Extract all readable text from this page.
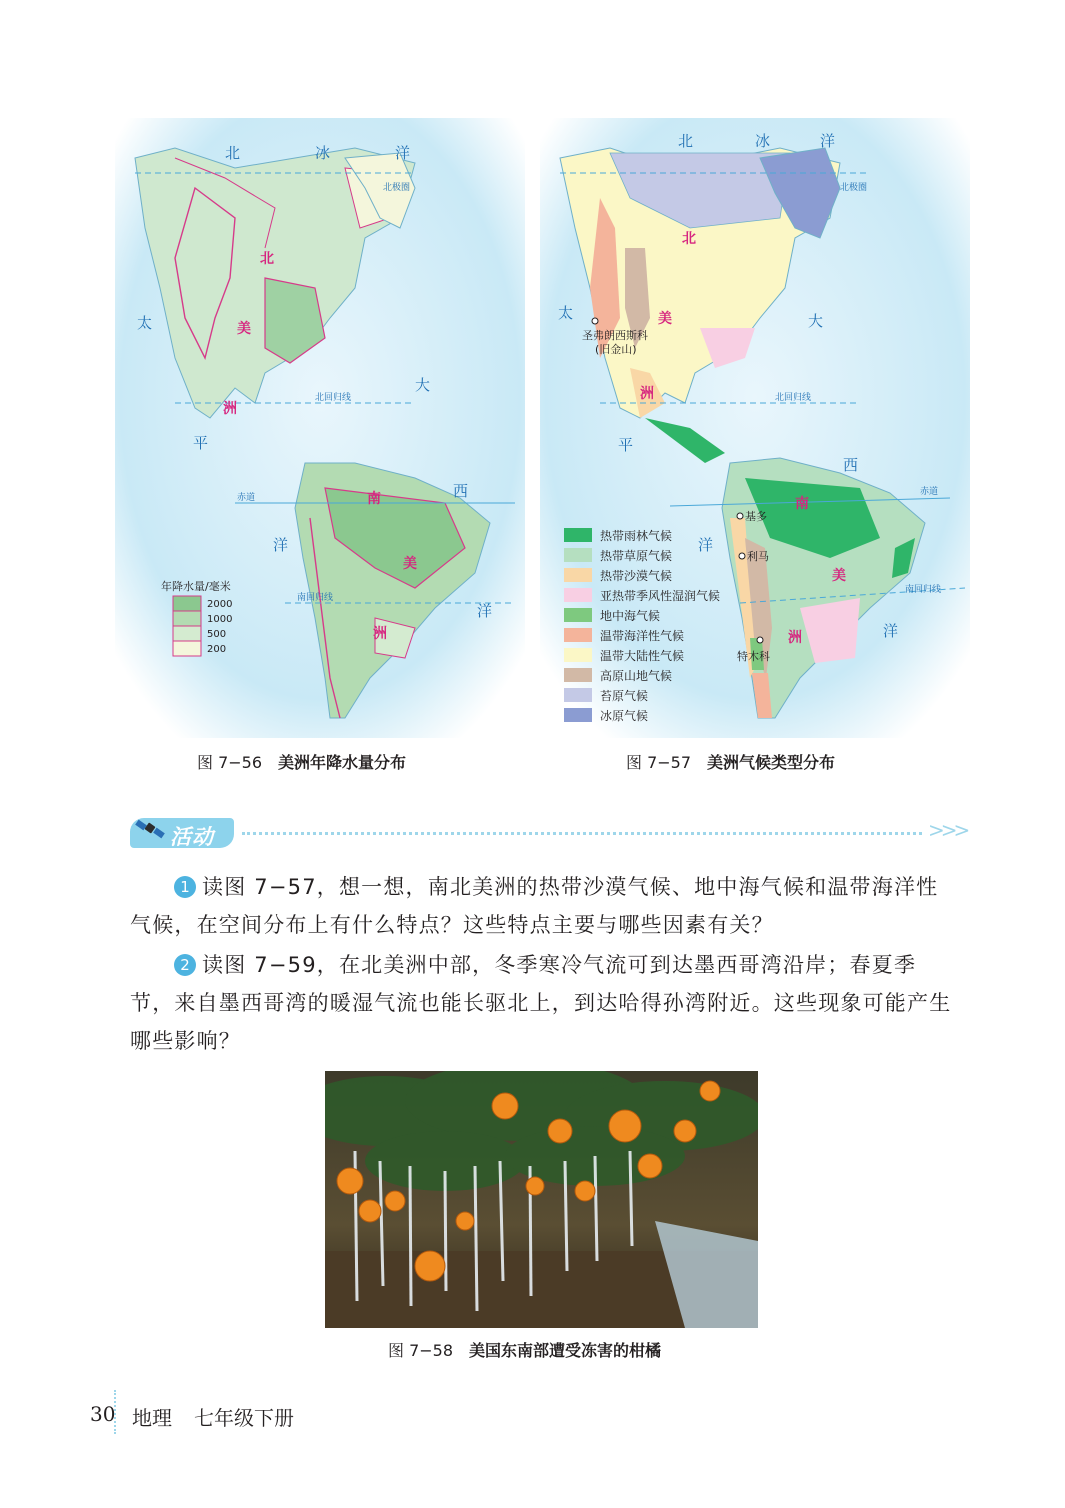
北极圈
北回归线
赤道
南回归线
北	冰	洋
太
平
洋
大
西
洋
北
美
洲
南
美
洲
年降水量/毫米
2000
1000
500
200
图 7−56 美洲年降水量分布
北极圈
北回归线
赤道
南回归线
北	冰	洋
太
平
洋
大
西
洋
北
美
洲
南
美
洲
圣弗朗西斯科
(旧金山)
基多
利马
特木科
热带雨林气候
热带草原气候
热带沙漠气候
亚热带季风性湿润气候
地中海气候
温带海洋性气候
温带大陆性气候
高原山地气候
苔原气候
冰原气候
图 7−57 美洲气候类型分布
活动	>>>
1 读图 7−57，想一想，南北美洲的热带沙漠气候、地中海气候和温带海洋性气候，在空间分布上有什么特点？这些特点主要与哪些因素有关？
2 读图 7−59，在北美洲中部，冬季寒冷气流可到达墨西哥湾沿岸；春夏季节，来自墨西哥湾的暖湿气流也能长驱北上，到达哈得孙湾附近。这些现象可能产生哪些影响？
图 7−58 美国东南部遭受冻害的柑橘
30 地理 七年级下册
